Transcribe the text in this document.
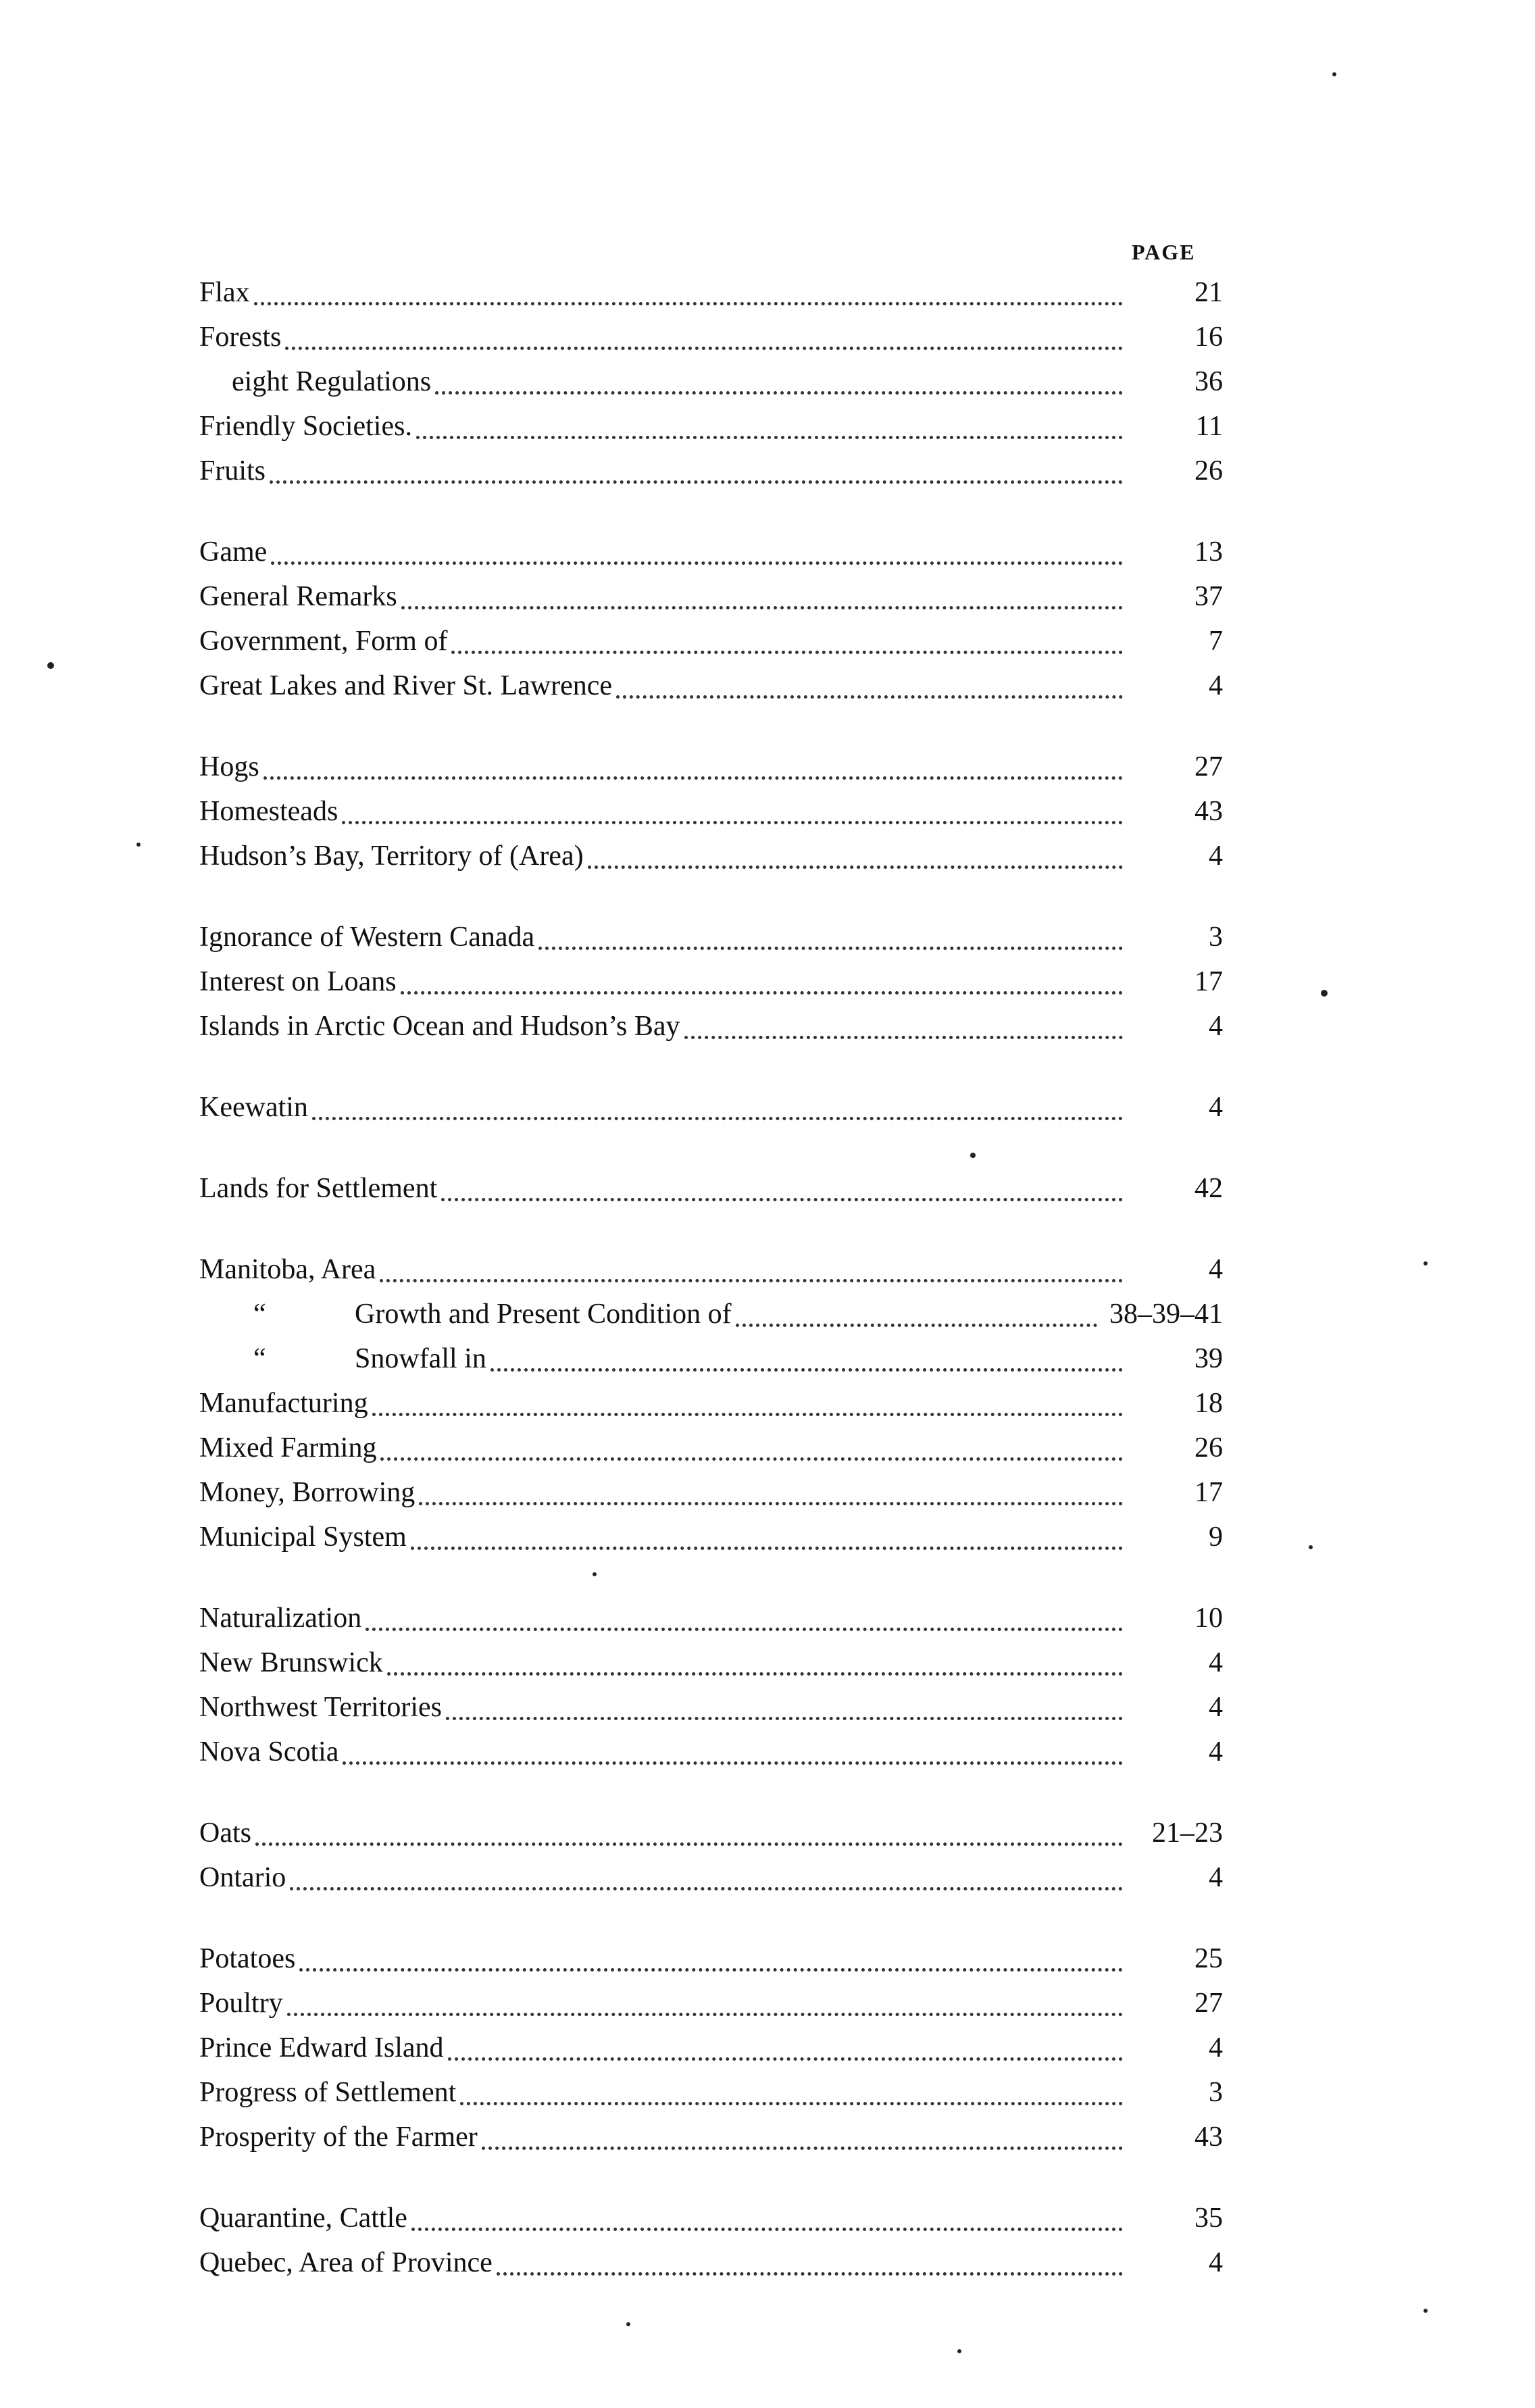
PAGE
Flax	21
Forests	16
eight Regulations	36
Friendly Societies.	11
Fruits	26
Game	13
General Remarks	37
Government, Form of	7
Great Lakes and River St. Lawrence	4
Hogs	27
Homesteads	43
Hudson’s Bay, Territory of (Area)	4
Ignorance of Western Canada	3
Interest on Loans	17
Islands in Arctic Ocean and Hudson’s Bay	4
Keewatin	4
Lands for Settlement	42
Manitoba, Area	4
“	Growth and Present Condition of	38–39–41
“	Snowfall in	39
Manufacturing	18
Mixed Farming	26
Money, Borrowing	17
Municipal System	9
Naturalization	10
New Brunswick	4
Northwest Territories	4
Nova Scotia	4
Oats	21–23
Ontario	4
Potatoes	25
Poultry	27
Prince Edward Island	4
Progress of Settlement	3
Prosperity of the Farmer	43
Quarantine, Cattle	35
Quebec, Area of Province	4
